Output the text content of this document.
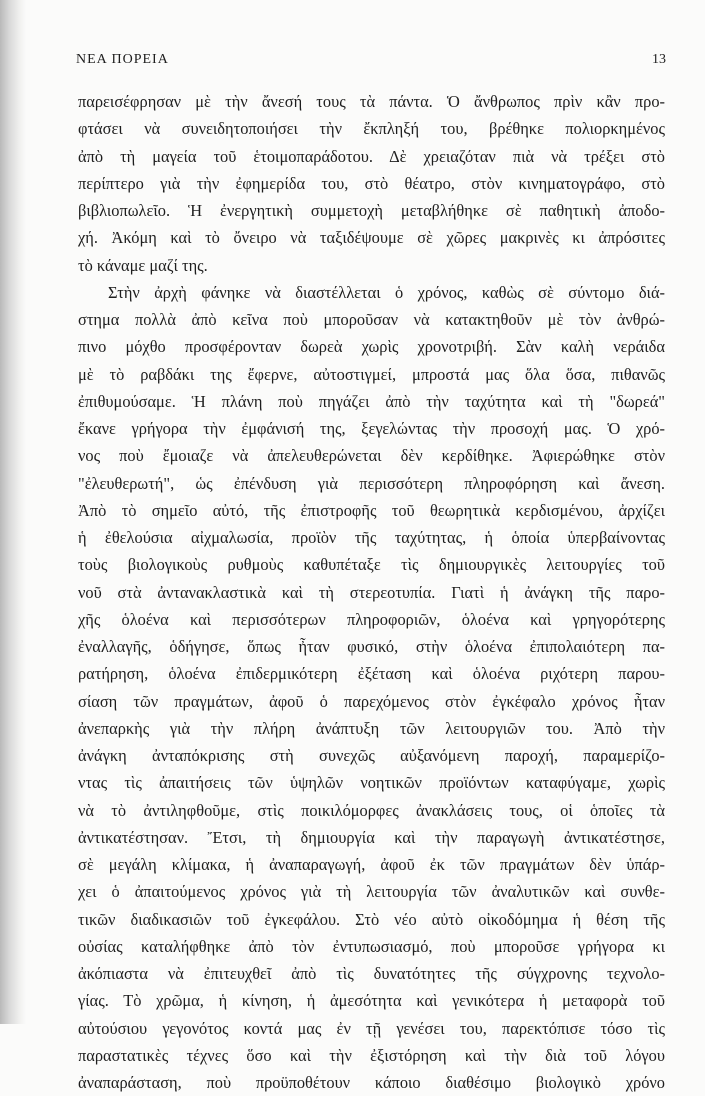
ΝΕΑ ΠΟΡΕΙΑ	13
παρεισέφρησαν μὲ τὴν ἄνεσή τους τὰ πάντα. Ὁ ἄνθρωπος πρὶν κἂν προ-
φτάσει νὰ συνειδητοποιήσει τὴν ἔκπληξή του, βρέθηκε πολιορκημένος
ἀπὸ τὴ μαγεία τοῦ ἑτοιμοπαράδοτου. Δὲ χρειαζόταν πιὰ νὰ τρέξει στὸ
περίπτερο γιὰ τὴν ἐφημερίδα του, στὸ θέατρο, στὸν κινηματογράφο, στὸ
βιβλιοπωλεῖο. Ἡ ἐνεργητικὴ συμμετοχὴ μεταβλήθηκε σὲ παθητικὴ ἀποδο-
χή. Ἀκόμη καὶ τὸ ὄνειρο νὰ ταξιδέψουμε σὲ χῶρες μακρινὲς κι ἀπρόσιτες
τὸ κάναμε μαζί της.
Στὴν ἀρχὴ φάνηκε νὰ διαστέλλεται ὁ χρόνος, καθὼς σὲ σύντομο διά-
στημα πολλὰ ἀπὸ κεῖνα ποὺ μποροῦσαν νὰ κατακτηθοῦν μὲ τὸν ἀνθρώ-
πινο μόχθο προσφέρονταν δωρεὰ χωρὶς χρονοτριβή. Σὰν καλὴ νεράιδα
μὲ τὸ ραβδάκι της ἔφερνε, αὐτοστιγμεί, μπροστά μας ὅλα ὅσα, πιθανῶς
ἐπιθυμούσαμε. Ἡ πλάνη ποὺ πηγάζει ἀπὸ τὴν ταχύτητα καὶ τὴ "δωρεά"
ἔκανε γρήγορα τὴν ἐμφάνισή της, ξεγελώντας τὴν προσοχή μας. Ὁ χρό-
νος ποὺ ἔμοιαζε νὰ ἀπελευθερώνεται δὲν κερδίθηκε. Ἀφιερώθηκε στὸν
"ἐλευθερωτή", ὡς ἐπένδυση γιὰ περισσότερη πληροφόρηση καὶ ἄνεση.
Ἀπὸ τὸ σημεῖο αὐτό, τῆς ἐπιστροφῆς τοῦ θεωρητικὰ κερδισμένου, ἀρχίζει
ἡ ἐθελούσια αἰχμαλωσία, προϊὸν τῆς ταχύτητας, ἡ ὁποία ὑπερβαίνοντας
τοὺς βιολογικοὺς ρυθμοὺς καθυπέταξε τὶς δημιουργικὲς λειτουργίες τοῦ
νοῦ στὰ ἀντανακλαστικὰ καὶ τὴ στερεοτυπία. Γιατὶ ἡ ἀνάγκη τῆς παρο-
χῆς ὁλοένα καὶ περισσότερων πληροφοριῶν, ὁλοένα καὶ γρηγορότερης
ἐναλλαγῆς, ὁδήγησε, ὅπως ἦταν φυσικό, στὴν ὁλοένα ἐπιπολαιότερη πα-
ρατήρηση, ὁλοένα ἐπιδερμικότερη ἐξέταση καὶ ὁλοένα ριχότερη παρου-
σίαση τῶν πραγμάτων, ἀφοῦ ὁ παρεχόμενος στὸν ἐγκέφαλο χρόνος ἦταν
ἀνεπαρκὴς γιὰ τὴν πλήρη ἀνάπτυξη τῶν λειτουργιῶν του. Ἀπὸ τὴν
ἀνάγκη ἀνταπόκρισης στὴ συνεχῶς αὐξανόμενη παροχή, παραμερίζο-
ντας τὶς ἀπαιτήσεις τῶν ὑψηλῶν νοητικῶν προϊόντων καταφύγαμε, χωρὶς
νὰ τὸ ἀντιληφθοῦμε, στὶς ποικιλόμορφες ἀνακλάσεις τους, οἱ ὁποῖες τὰ
ἀντικατέστησαν. Ἔτσι, τὴ δημιουργία καὶ τὴν παραγωγὴ ἀντικατέστησε,
σὲ μεγάλη κλίμακα, ἡ ἀναπαραγωγή, ἀφοῦ ἐκ τῶν πραγμάτων δὲν ὑπάρ-
χει ὁ ἀπαιτούμενος χρόνος γιὰ τὴ λειτουργία τῶν ἀναλυτικῶν καὶ συνθε-
τικῶν διαδικασιῶν τοῦ ἐγκεφάλου. Στὸ νέο αὐτὸ οἰκοδόμημα ἡ θέση τῆς
οὐσίας καταλήφθηκε ἀπὸ τὸν ἐντυπωσιασμό, ποὺ μποροῦσε γρήγορα κι
ἀκόπιαστα νὰ ἐπιτευχθεῖ ἀπὸ τὶς δυνατότητες τῆς σύγχρονης τεχνολο-
γίας. Τὸ χρῶμα, ἡ κίνηση, ἡ ἀμεσότητα καὶ γενικότερα ἡ μεταφορὰ τοῦ
αὐτούσιου γεγονότος κοντά μας ἐν τῇ γενέσει του, παρεκτόπισε τόσο τὶς
παραστατικὲς τέχνες ὅσο καὶ τὴν ἐξιστόρηση καὶ τὴν διὰ τοῦ λόγου
ἀναπαράσταση, ποὺ προϋποθέτουν κάποιο διαθέσιμο βιολογικὸ χρόνο
